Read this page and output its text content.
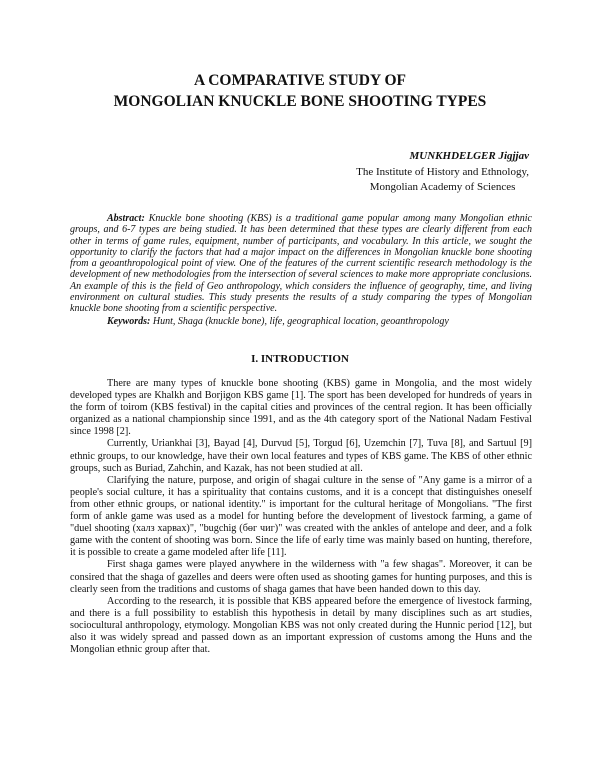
A COMPARATIVE STUDY OF
MONGOLIAN KNUCKLE BONE SHOOTING TYPES
MUNKHDELGER Jigjjav
The Institute of History and Ethnology,
Mongolian Academy of Sciences

Abstract: Knuckle bone shooting (KBS) is a traditional game popular among many Mongolian ethnic groups, and 6-7 types are being studied. It has been determined that these types are clearly different from each other in terms of game rules, equipment, number of participants, and vocabulary. In this article, we sought the opportunity to clarify the factors that had a major impact on the differences in Mongolian knuckle bone shooting from a geoanthropological point of view. One of the features of the current scientific research methodology is the development of new methodologies from the intersection of several sciences to make more appropriate conclusions. An example of this is the field of Geo anthropology, which considers the influence of geography, time, and living environment on cultural studies. This study presents the results of a study comparing the types of Mongolian knuckle bone shooting from a scientific perspective.

Keywords: Hunt, Shaga (knuckle bone), life, geographical location, geoanthropology

I. INTRODUCTION

There are many types of knuckle bone shooting (KBS) game in Mongolia, and the most widely developed types are Khalkh and Borjigon KBS game [1]. The sport has been developed for hundreds of years in the form of toirom (KBS festival) in the capital cities and provinces of the central region. It has been officially organized as a national championship since 1991, and as the 4th category sport of the National Nadam Festival since 1998 [2].

Currently, Uriankhai [3], Bayad [4], Durvud [5], Torgud [6], Uzemchin [7], Tuva [8], and Sartuul [9] ethnic groups, to our knowledge, have their own local features and types of KBS game. The KBS of other ethnic groups, such as Buriad, Zahchin, and Kazak, has not been studied at all.

Clarifying the nature, purpose, and origin of shagai culture in the sense of "Any game is a mirror of a people's social culture, it has a spirituality that contains customs, and it is a concept that distinguishes oneself from other ethnic groups, or national identity." is important for the cultural heritage of Mongolians. "The first form of ankle game was used as a model for hunting before the development of livestock farming, a game of "duel shooting (халз харвах)", "bugchig (бөг чиг)" was created with the ankles of antelope and deer, and a folk game with the content of shooting was born. Since the life of early time was mainly based on hunting, therefore, it is possible to create a game modeled after life [11].

First shaga games were played anywhere in the wilderness with "a few shagas". Moreover, it can be consired that the shaga of gazelles and deers were often used as shooting games for hunting purposes, and this is clearly seen from the traditions and customs of shaga games that have been handed down to this day.

According to the research, it is possible that KBS appeared before the emergence of livestock farming, and there is a full possibility to establish this hypothesis in detail by many disciplines such as art studies, sociocultural anthropology, etymology. Mongolian KBS was not only created during the Hunnic period [12], but also it was widely spread and passed down as an important expression of customs among the Huns and the Mongolian ethnic group after that.
